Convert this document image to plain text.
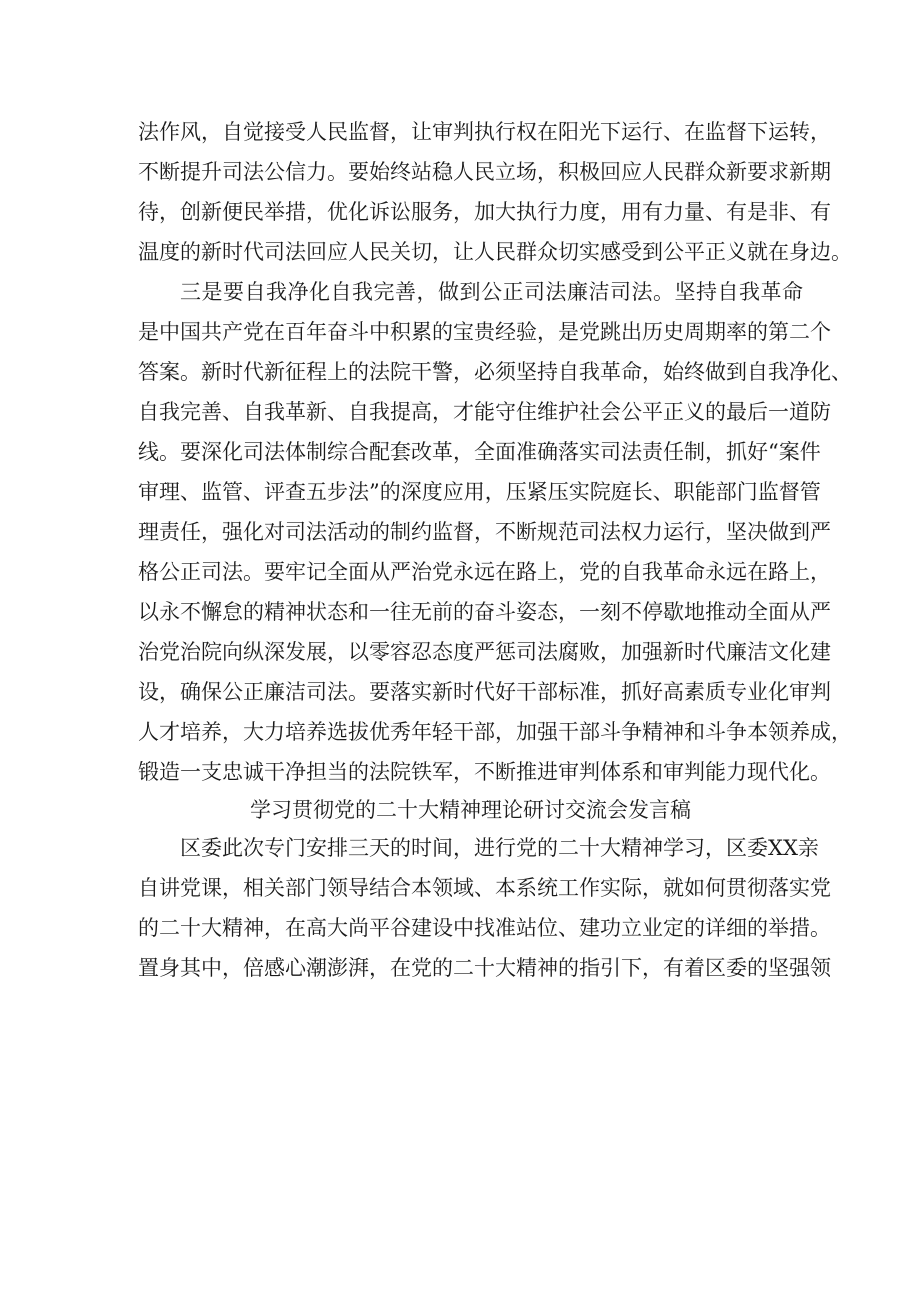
法作风，自觉接受人民监督，让审判执行权在阳光下运行、在监督下运转，
不断提升司法公信力。要始终站稳人民立场，积极回应人民群众新要求新期
待，创新便民举措，优化诉讼服务，加大执行力度，用有力量、有是非、有
温度的新时代司法回应人民关切，让人民群众切实感受到公平正义就在身边。
三是要自我净化自我完善，做到公正司法廉洁司法。坚持自我革命
是中国共产党在百年奋斗中积累的宝贵经验，是党跳出历史周期率的第二个
答案。新时代新征程上的法院干警，必须坚持自我革命，始终做到自我净化、
自我完善、自我革新、自我提高，才能守住维护社会公平正义的最后一道防
线。要深化司法体制综合配套改革，全面准确落实司法责任制，抓好“案件
审理、监管、评查五步法”的深度应用，压紧压实院庭长、职能部门监督管
理责任，强化对司法活动的制约监督，不断规范司法权力运行，坚决做到严
格公正司法。要牢记全面从严治党永远在路上，党的自我革命永远在路上，
以永不懈怠的精神状态和一往无前的奋斗姿态，一刻不停歇地推动全面从严
治党治院向纵深发展，以零容忍态度严惩司法腐败，加强新时代廉洁文化建
设，确保公正廉洁司法。要落实新时代好干部标准，抓好高素质专业化审判
人才培养，大力培养选拔优秀年轻干部，加强干部斗争精神和斗争本领养成，
锻造一支忠诚干净担当的法院铁军，不断推进审判体系和审判能力现代化。
学习贯彻党的二十大精神理论研讨交流会发言稿
区委此次专门安排三天的时间，进行党的二十大精神学习，区委XX亲
自讲党课，相关部门领导结合本领域、本系统工作实际，就如何贯彻落实党
的二十大精神，在高大尚平谷建设中找准站位、建功立业定的详细的举措。
置身其中，倍感心潮澎湃，在党的二十大精神的指引下，有着区委的坚强领
